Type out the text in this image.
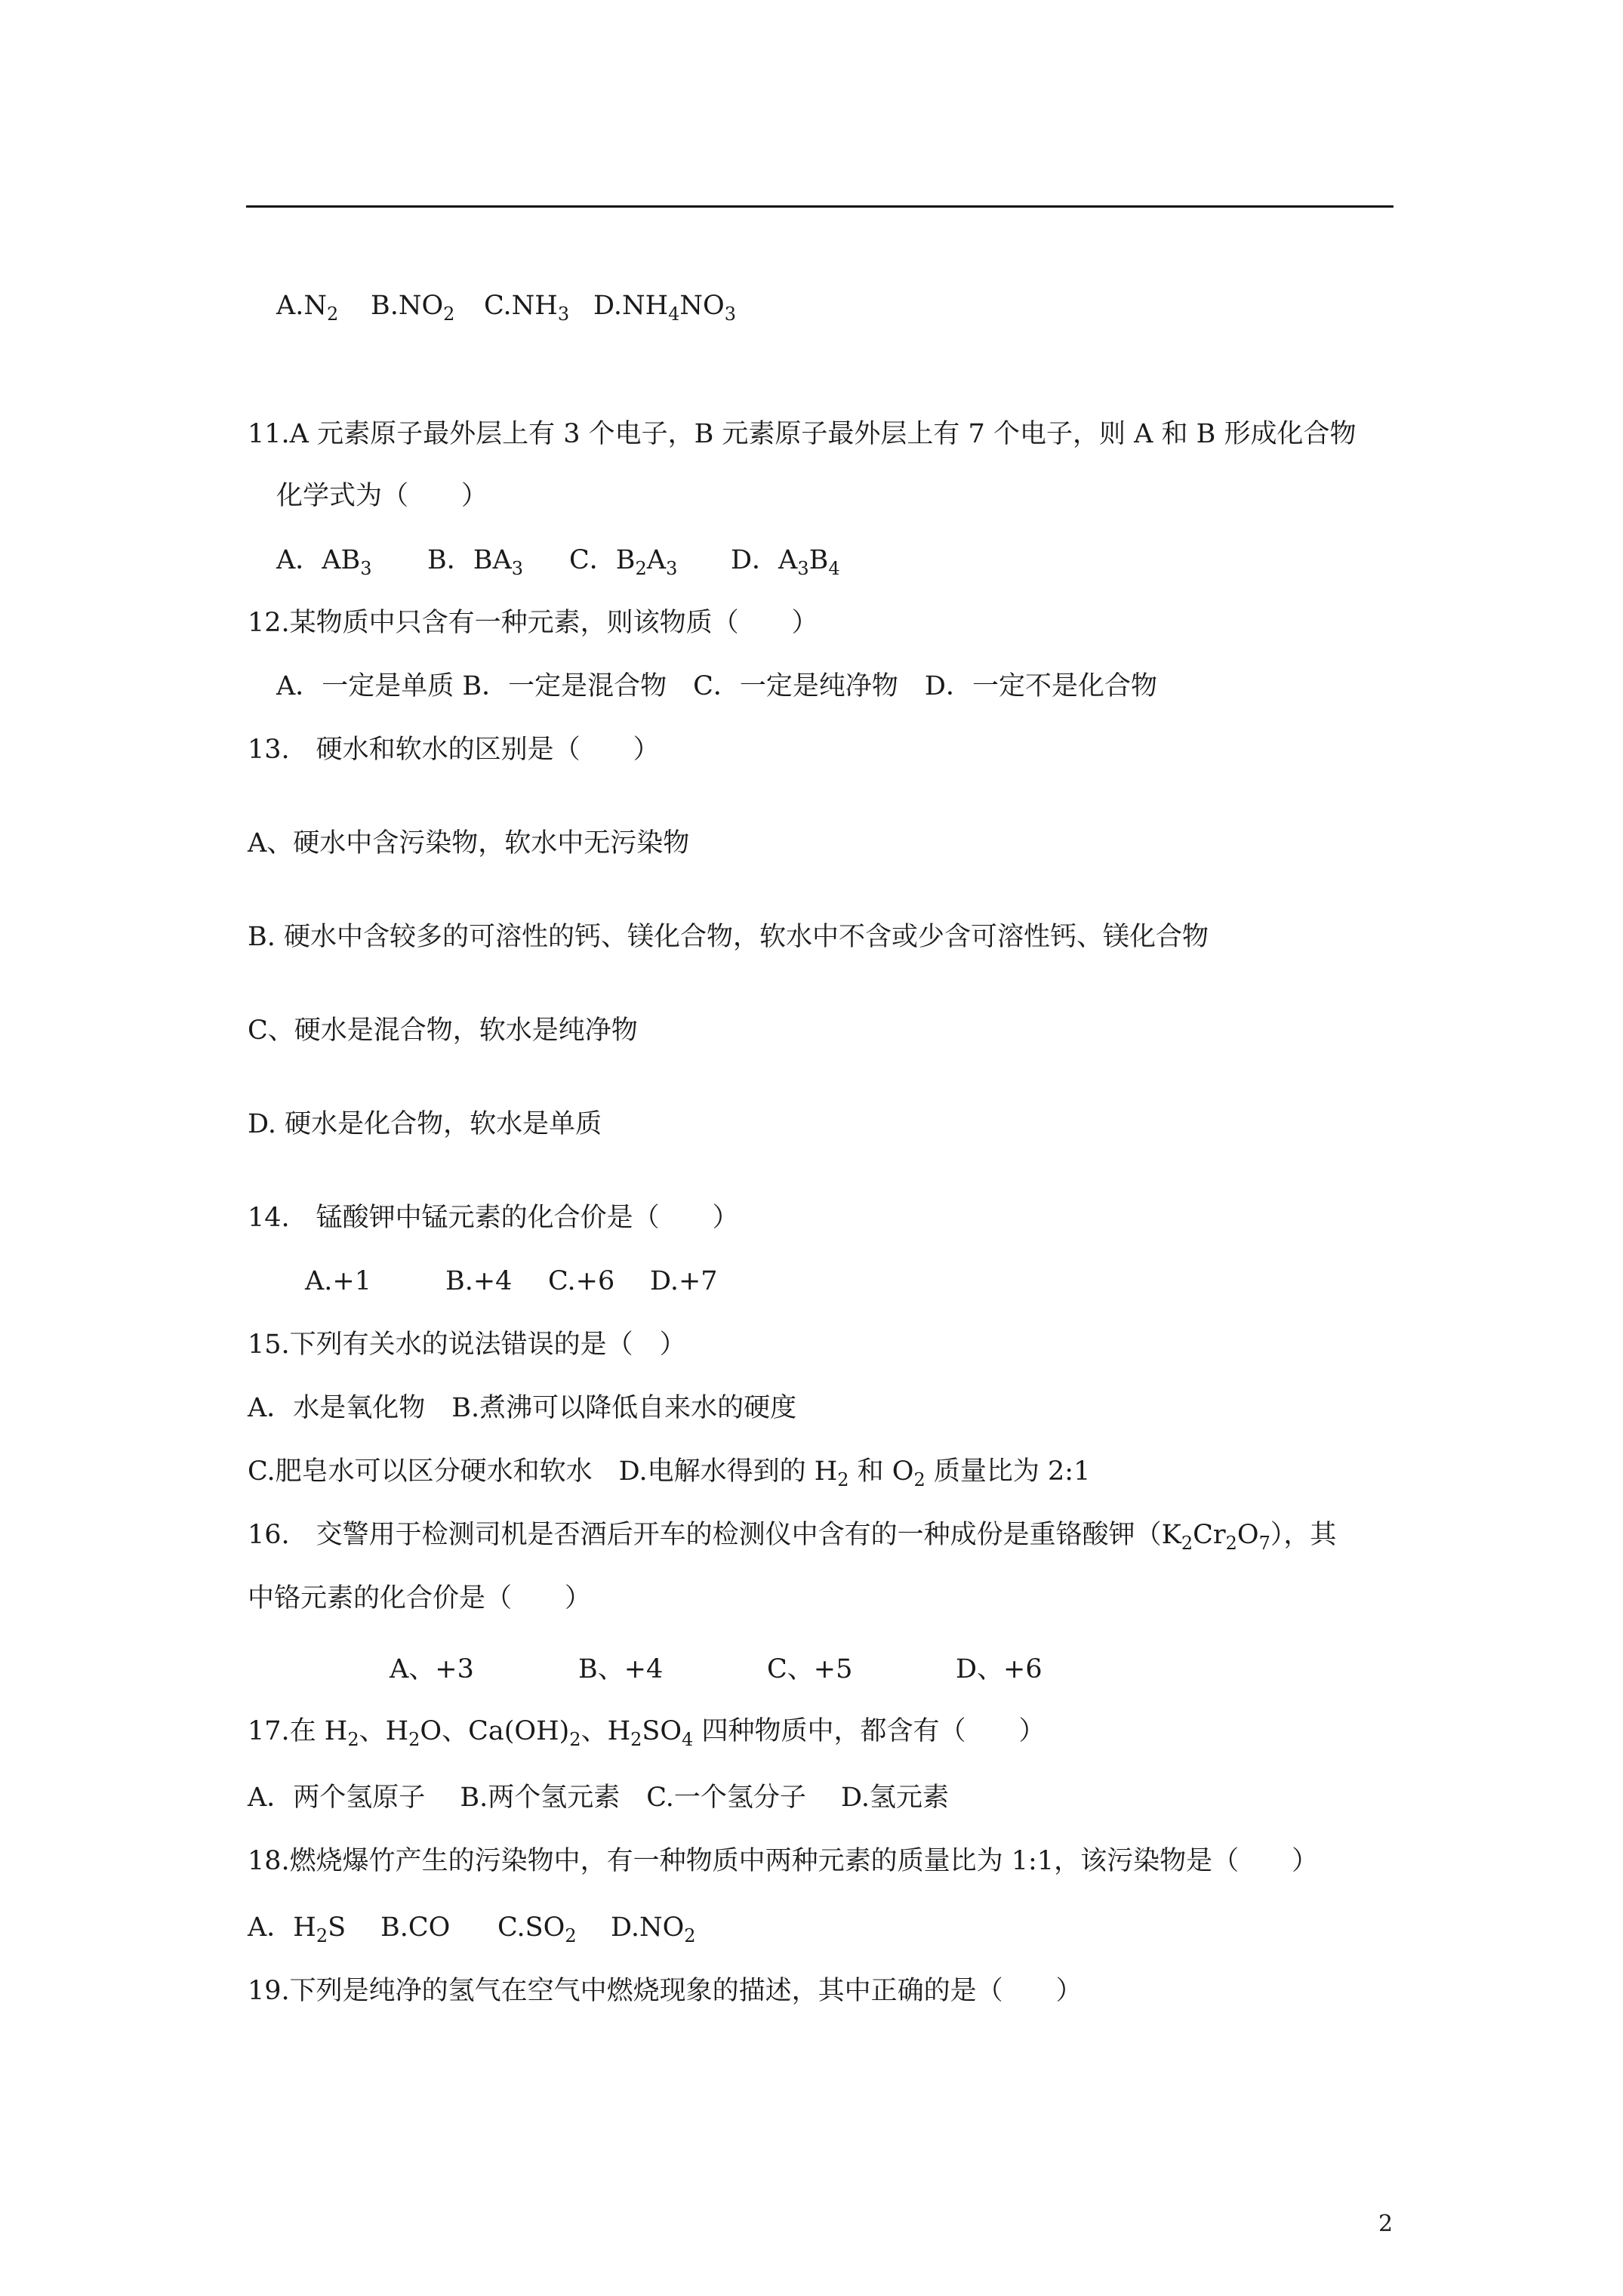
$A.N_2$ $B.NO_2$ $C.NH_3$ $D.NH_4NO_3$
11.A 元素原子最外层上有 3 个电子，B 元素原子最外层上有 7 个电子，则 A 和 B 形成化合物
化学式为（　　）
A．$AB_3$ B．$BA_3$ C．$B_2A_3$ D．$A_3B_4$
12.某物质中只含有一种元素，则该物质（　　）
A．一定是单质 B．一定是混合物　C．一定是纯净物　D．一定不是化合物
13.　硬水和软水的区别是（　　）
A、硬水中含污染物，软水中无污染物
B. 硬水中含较多的可溶性的钙、镁化合物，软水中不含或少含可溶性钙、镁化合物
C、硬水是混合物，软水是纯净物
D. 硬水是化合物，软水是单质
14.　锰酸钾中锰元素的化合价是（　　）
A.+1	B.+4 C.+6 D.+7
15.下列有关水的说法错误的是（　）
A．水是氧化物　B.煮沸可以降低自来水的硬度
C.肥皂水可以区分硬水和软水　D.电解水得到的 $H_2$ 和 $O_2$ 质量比为 2:1
16.　交警用于检测司机是否酒后开车的检测仪中含有的一种成份是重铬酸钾$(K_2Cr_2O_7)$，其
中铬元素的化合价是（　　）
A、+3	B、+4	C、+5	D、+6
17.在 $H_2$、$H_2O$、$Ca(OH)_2$、$H_2SO_4$ 四种物质中，都含有（　　）
A．两个氢原子　 B.两个氢元素　C.一个氢分子　 D.氢元素
18.燃烧爆竹产生的污染物中，有一种物质中两种元素的质量比为 1:1，该污染物是（　　）
A．$H_2S$ B.CO $C.SO_2$ $D.NO_2$
19.下列是纯净的氢气在空气中燃烧现象的描述，其中正确的是（　　）
2
